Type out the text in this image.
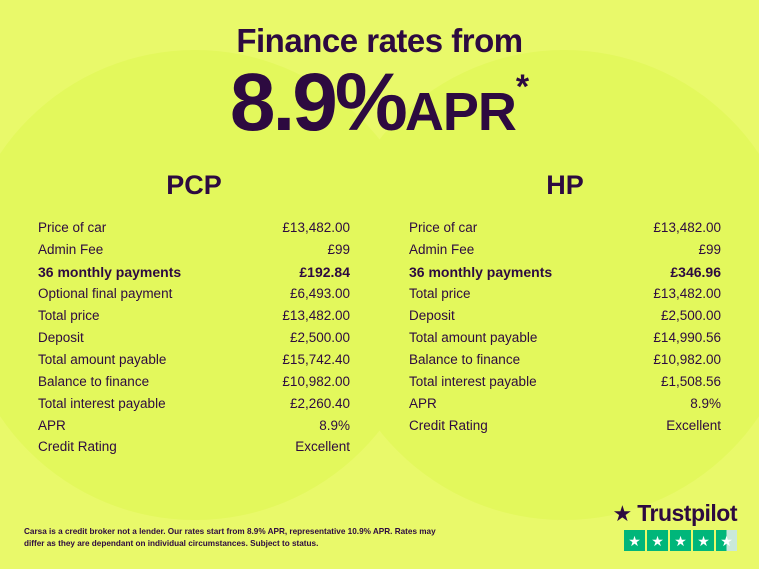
Finance rates from
8.9%APR*
PCP
Price of car	£13,482.00
Admin Fee	£99
36 monthly payments	£192.84
Optional final payment	£6,493.00
Total price	£13,482.00
Deposit	£2,500.00
Total amount payable	£15,742.40
Balance to finance	£10,982.00
Total interest payable	£2,260.40
APR	8.9%
Credit Rating	Excellent
HP
Price of car	£13,482.00
Admin Fee	£99
36 monthly payments	£346.96
Total price	£13,482.00
Deposit	£2,500.00
Total amount payable	£14,990.56
Balance to finance	£10,982.00
Total interest payable	£1,508.56
APR	8.9%
Credit Rating	Excellent
Carsa is a credit broker not a lender. Our rates start from 8.9% APR, representative 10.9% APR. Rates may differ as they are dependant on individual circumstances. Subject to status.
★ Trustpilot
★ ★ ★ ★ ★
